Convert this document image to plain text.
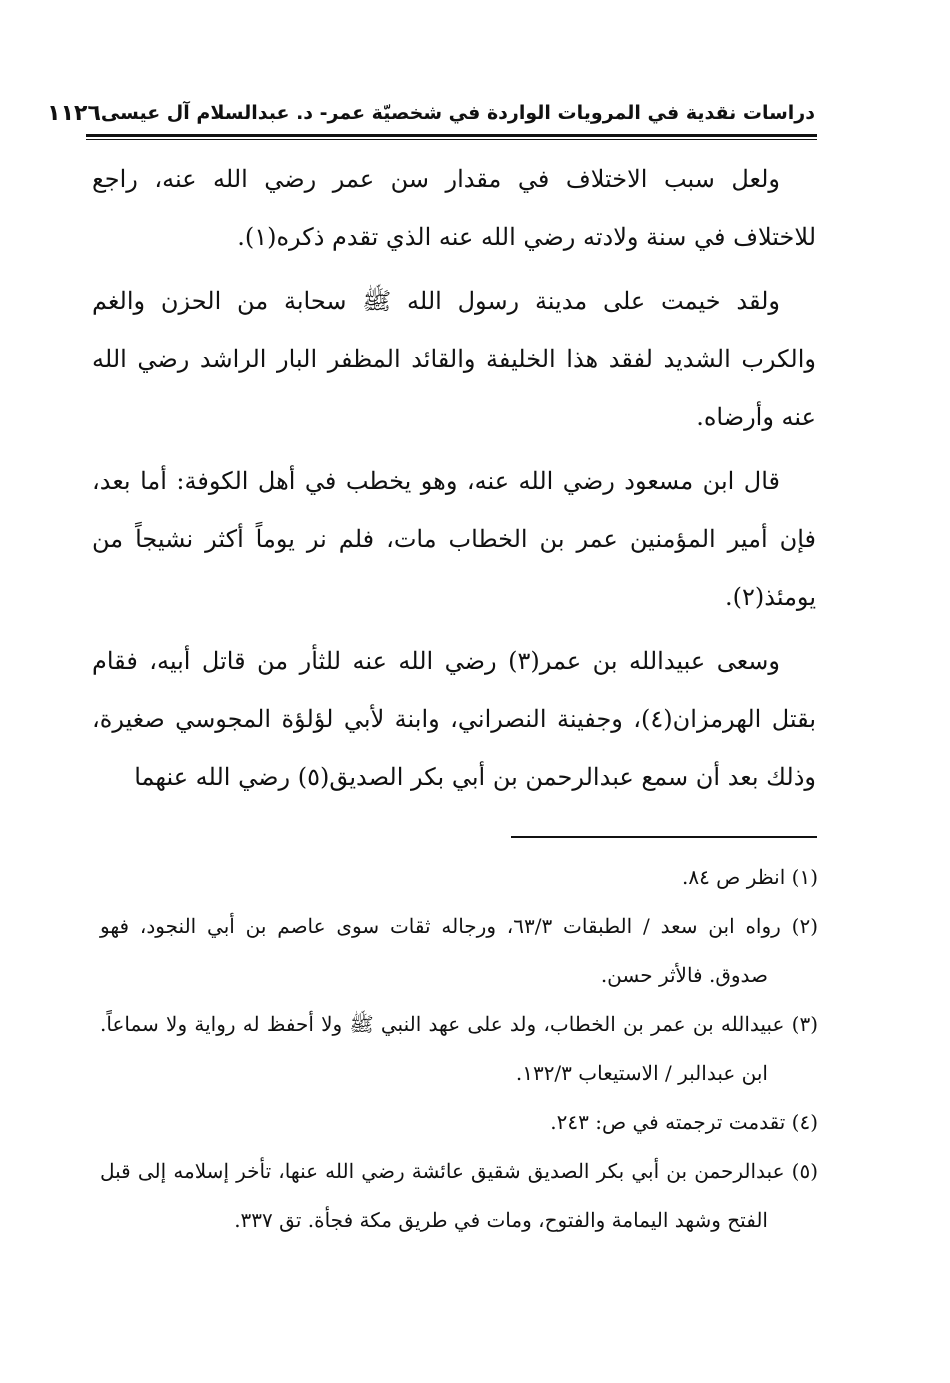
دراسات نقدية في المرويات الواردة في شخصيّة عمر- د. عبدالسلام آل عيسى
١١٢٦

ولعل سبب الاختلاف في مقدار سن عمر رضي الله عنه، راجع للاختلاف في سنة ولادته رضي الله عنه الذي تقدم ذكره(١).

ولقد خيمت على مدينة رسول الله ﷺ سحابة من الحزن والغم والكرب الشديد لفقد هذا الخليفة والقائد المظفر البار الراشد رضي الله عنه وأرضاه.

قال ابن مسعود رضي الله عنه، وهو يخطب في أهل الكوفة: أما بعد، فإن أمير المؤمنين عمر بن الخطاب مات، فلم نر يوماً أكثر نشيجاً من يومئذ(٢).

وسعى عبيدالله بن عمر(٣) رضي الله عنه للثأر من قاتل أبيه، فقام بقتل الهرمزان(٤)، وجفينة النصراني، وابنة لأبي لؤلؤة المجوسي صغيرة، وذلك بعد أن سمع عبدالرحمن بن أبي بكر الصديق(٥) رضي الله عنهما

(١) انظر ص ٨٤.

(٢) رواه ابن سعد / الطبقات ٦٣/٣، ورجاله ثقات سوى عاصم بن أبي النجود، فهو صدوق. فالأثر حسن.

(٣) عبيدالله بن عمر بن الخطاب، ولد على عهد النبي ﷺ ولا أحفظ له رواية ولا سماعاً. ابن عبدالبر / الاستيعاب ١٣٢/٣.

(٤) تقدمت ترجمته في ص: ٢٤٣.

(٥) عبدالرحمن بن أبي بكر الصديق شقيق عائشة رضي الله عنها، تأخر إسلامه إلى قبل الفتح وشهد اليمامة والفتوح، ومات في طريق مكة فجأة. تق ٣٣٧.
